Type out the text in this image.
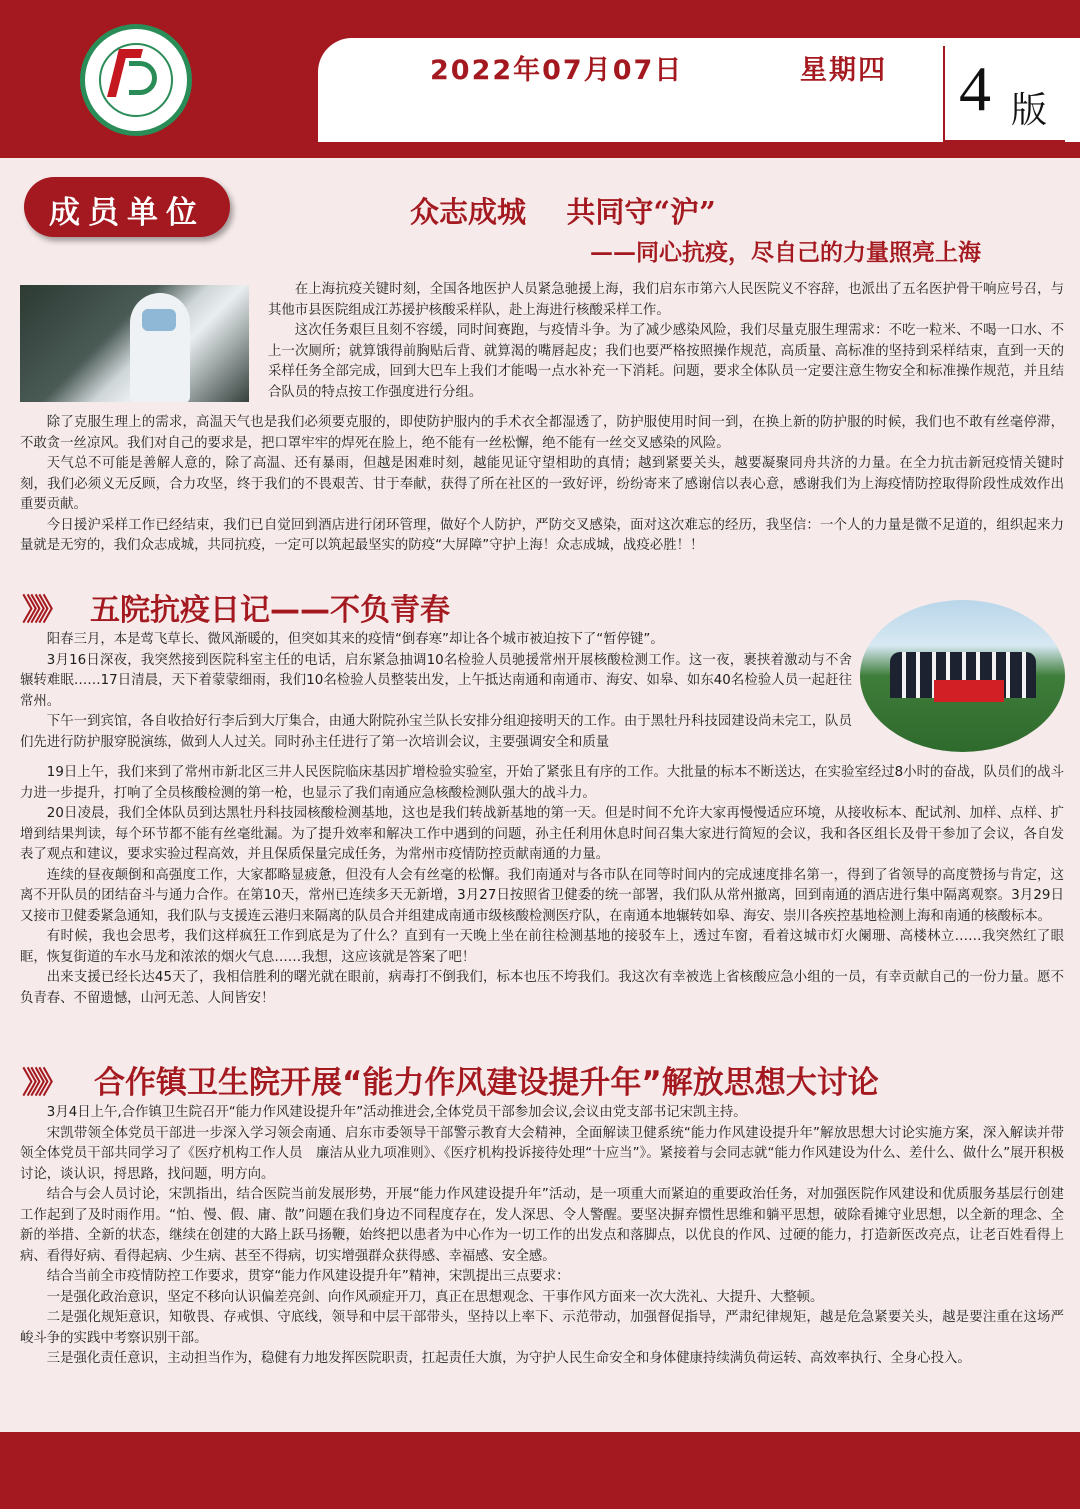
2022年07月07日	星期四 4 版
成员单位	众志成城    共同守“沪”
——同心抗疫，尽自己的力量照亮上海

在上海抗疫关键时刻，全国各地医护人员紧急驰援上海，我们启东市第六人民医院义不容辞，也派出了五名医护骨干响应号召，与其他市县医院组成江苏援护核酸采样队，赴上海进行核酸采样工作。

这次任务艰巨且刻不容缓，同时间赛跑，与疫情斗争。为了减少感染风险，我们尽量克服生理需求：不吃一粒米、不喝一口水、不上一次厕所；就算饿得前胸贴后背、就算渴的嘴唇起皮；我们也要严格按照操作规范，高质量、高标准的坚持到采样结束，直到一天的采样任务全部完成，回到大巴车上我们才能喝一点水补充一下消耗。问题，要求全体队员一定要注意生物安全和标准操作规范，并且结合队员的特点按工作强度进行分组。

除了克服生理上的需求，高温天气也是我们必须要克服的，即使防护服内的手术衣全都湿透了，防护服使用时间一到，在换上新的防护服的时候，我们也不敢有丝毫停滞，不敢贪一丝凉风。我们对自己的要求是，把口罩牢牢的焊死在脸上，绝不能有一丝松懈，绝不能有一丝交叉感染的风险。

天气总不可能是善解人意的，除了高温、还有暴雨，但越是困难时刻，越能见证守望相助的真情；越到紧要关头，越要凝聚同舟共济的力量。在全力抗击新冠疫情关键时刻，我们必须义无反顾，合力攻坚，终于我们的不畏艰苦、甘于奉献，获得了所在社区的一致好评，纷纷寄来了感谢信以表心意，感谢我们为上海疫情防控取得阶段性成效作出重要贡献。

今日援沪采样工作已经结束，我们已自觉回到酒店进行闭环管理，做好个人防护，严防交叉感染，面对这次难忘的经历，我坚信：一个人的力量是微不足道的，组织起来力量就是无穷的，我们众志成城，共同抗疫，一定可以筑起最坚实的防疫“大屏障”守护上海！众志成城，战疫必胜！！

》》》 五院抗疫日记——不负青春

阳春三月，本是莺飞草长、微风渐暖的，但突如其来的疫情“倒春寒”却让各个城市被迫按下了“暂停键”。

3月16日深夜，我突然接到医院科室主任的电话，启东紧急抽调10名检验人员驰援常州开展核酸检测工作。这一夜，裹挟着激动与不舍辗转难眠……17日清晨，天下着蒙蒙细雨，我们10名检验人员整装出发，上午抵达南通和南通市、海安、如皋、如东40名检验人员一起赶往常州。

下午一到宾馆，各自收拾好行李后到大厅集合，由通大附院孙宝兰队长安排分组迎接明天的工作。由于黑牡丹科技园建设尚未完工，队员们先进行防护服穿脱演练，做到人人过关。同时孙主任进行了第一次培训会议，主要强调安全和质量

19日上午，我们来到了常州市新北区三井人民医院临床基因扩增检验实验室，开始了紧张且有序的工作。大批量的标本不断送达，在实验室经过8小时的奋战，队员们的战斗力进一步提升，打响了全员核酸检测的第一枪，也显示了我们南通应急核酸检测队强大的战斗力。

20日凌晨，我们全体队员到达黑牡丹科技园核酸检测基地，这也是我们转战新基地的第一天。但是时间不允许大家再慢慢适应环境，从接收标本、配试剂、加样、点样、扩增到结果判读，每个环节都不能有丝毫纰漏。为了提升效率和解决工作中遇到的问题，孙主任利用休息时间召集大家进行简短的会议，我和各区组长及骨干参加了会议，各自发表了观点和建议，要求实验过程高效，并且保质保量完成任务，为常州市疫情防控贡献南通的力量。

连续的昼夜颠倒和高强度工作，大家都略显疲惫，但没有人会有丝毫的松懈。我们南通对与各市队在同等时间内的完成速度排名第一，得到了省领导的高度赞扬与肯定，这离不开队员的团结奋斗与通力合作。在第10天，常州已连续多天无新增，3月27日按照省卫健委的统一部署，我们队从常州撤离，回到南通的酒店进行集中隔离观察。3月29日又接市卫健委紧急通知，我们队与支援连云港归来隔离的队员合并组建成南通市级核酸检测医疗队，在南通本地辗转如皋、海安、崇川各疾控基地检测上海和南通的核酸标本。

有时候，我也会思考，我们这样疯狂工作到底是为了什么？直到有一天晚上坐在前往检测基地的接驳车上，透过车窗，看着这城市灯火阑珊、高楼林立……我突然红了眼眶，恢复街道的车水马龙和浓浓的烟火气息……我想，这应该就是答案了吧！

出来支援已经长达45天了，我相信胜利的曙光就在眼前，病毒打不倒我们，标本也压不垮我们。我这次有幸被选上省核酸应急小组的一员，有幸贡献自己的一份力量。愿不负青春、不留遗憾，山河无恙、人间皆安！

》》》 合作镇卫生院开展“能力作风建设提升年”解放思想大讨论

3月4日上午,合作镇卫生院召开“能力作风建设提升年”活动推进会,全体党员干部参加会议,会议由党支部书记宋凯主持。

宋凯带领全体党员干部进一步深入学习领会南通、启东市委领导干部警示教育大会精神，全面解读卫健系统“能力作风建设提升年”解放思想大讨论实施方案，深入解读并带领全体党员干部共同学习了《医疗机构工作人员　廉洁从业九项准则》、《医疗机构投诉接待处理“十应当”》。紧接着与会同志就“能力作风建设为什么、差什么、做什么”展开积极讨论，谈认识，捋思路，找问题，明方向。

结合与会人员讨论，宋凯指出，结合医院当前发展形势，开展“能力作风建设提升年”活动，是一项重大而紧迫的重要政治任务，对加强医院作风建设和优质服务基层行创建工作起到了及时雨作用。“怕、慢、假、庸、散”问题在我们身边不同程度存在，发人深思、令人警醒。要坚决摒弃惯性思维和躺平思想，破除看摊守业思想，以全新的理念、全新的举措、全新的状态，继续在创建的大路上跃马扬鞭，始终把以患者为中心作为一切工作的出发点和落脚点，以优良的作风、过硬的能力，打造新医改亮点，让老百姓看得上病、看得好病、看得起病、少生病、甚至不得病，切实增强群众获得感、幸福感、安全感。

结合当前全市疫情防控工作要求，贯穿“能力作风建设提升年”精神，宋凯提出三点要求：

一是强化政治意识，坚定不移向认识偏差亮剑、向作风顽症开刀，真正在思想观念、干事作风方面来一次大洗礼、大提升、大整顿。

二是强化规矩意识，知敬畏、存戒惧、守底线，领导和中层干部带头，坚持以上率下、示范带动，加强督促指导，严肃纪律规矩，越是危急紧要关头，越是要注重在这场严峻斗争的实践中考察识别干部。

三是强化责任意识，主动担当作为，稳健有力地发挥医院职责，扛起责任大旗，为守护人民生命安全和身体健康持续满负荷运转、高效率执行、全身心投入。
